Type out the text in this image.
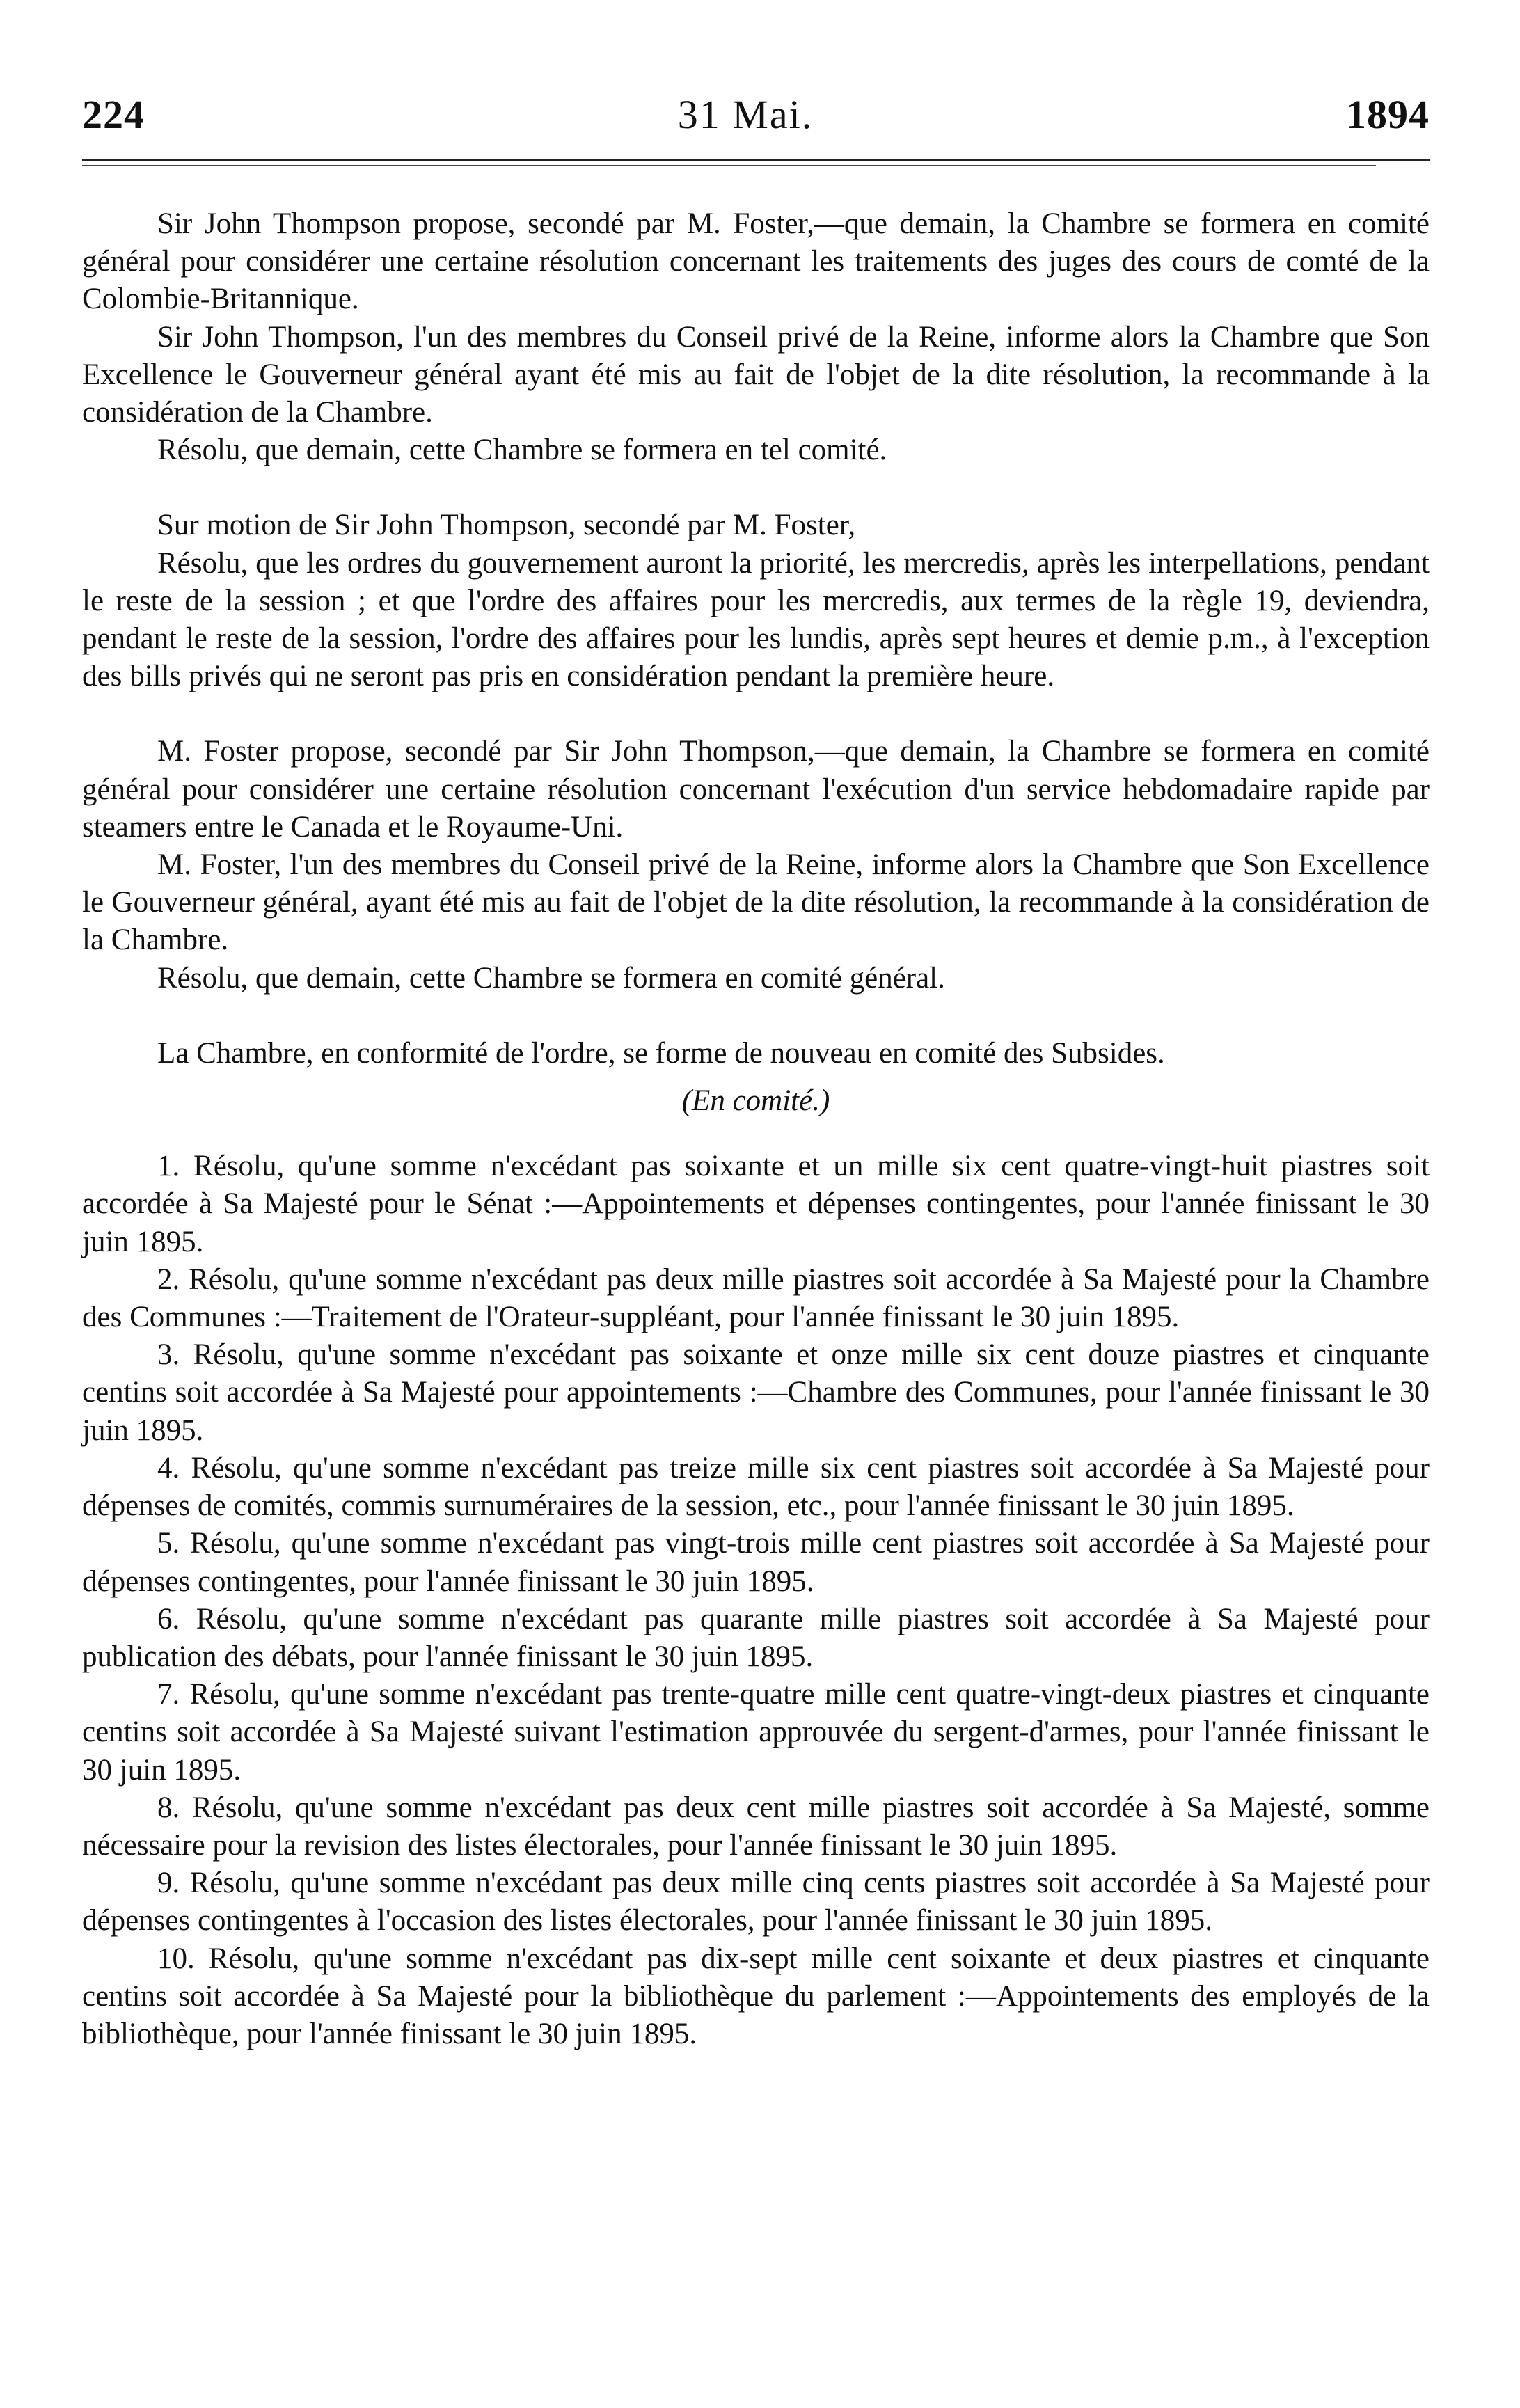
224	31 Mai.	1894

Sir John Thompson propose, secondé par M. Foster,—que demain, la Chambre se formera en comité général pour considérer une certaine résolution concernant les traitements des juges des cours de comté de la Colombie-Britannique.

Sir John Thompson, l'un des membres du Conseil privé de la Reine, informe alors la Chambre que Son Excellence le Gouverneur général ayant été mis au fait de l'objet de la dite résolution, la recommande à la considération de la Chambre.

Résolu, que demain, cette Chambre se formera en tel comité.

Sur motion de Sir John Thompson, secondé par M. Foster,

Résolu, que les ordres du gouvernement auront la priorité, les mercredis, après les interpellations, pendant le reste de la session ; et que l'ordre des affaires pour les mercredis, aux termes de la règle 19, deviendra, pendant le reste de la session, l'ordre des affaires pour les lundis, après sept heures et demie p.m., à l'exception des bills privés qui ne seront pas pris en considération pendant la première heure.

M. Foster propose, secondé par Sir John Thompson,—que demain, la Chambre se formera en comité général pour considérer une certaine résolution concernant l'exécution d'un service hebdomadaire rapide par steamers entre le Canada et le Royaume-Uni.

M. Foster, l'un des membres du Conseil privé de la Reine, informe alors la Chambre que Son Excellence le Gouverneur général, ayant été mis au fait de l'objet de la dite résolution, la recommande à la considération de la Chambre.

Résolu, que demain, cette Chambre se formera en comité général.

La Chambre, en conformité de l'ordre, se forme de nouveau en comité des Subsides.

(En comité.)

1. Résolu, qu'une somme n'excédant pas soixante et un mille six cent quatre-vingt-huit piastres soit accordée à Sa Majesté pour le Sénat :—Appointements et dépenses contingentes, pour l'année finissant le 30 juin 1895.

2. Résolu, qu'une somme n'excédant pas deux mille piastres soit accordée à Sa Majesté pour la Chambre des Communes :—Traitement de l'Orateur-suppléant, pour l'année finissant le 30 juin 1895.

3. Résolu, qu'une somme n'excédant pas soixante et onze mille six cent douze piastres et cinquante centins soit accordée à Sa Majesté pour appointements :—Chambre des Communes, pour l'année finissant le 30 juin 1895.

4. Résolu, qu'une somme n'excédant pas treize mille six cent piastres soit accordée à Sa Majesté pour dépenses de comités, commis surnuméraires de la session, etc., pour l'année finissant le 30 juin 1895.

5. Résolu, qu'une somme n'excédant pas vingt-trois mille cent piastres soit accordée à Sa Majesté pour dépenses contingentes, pour l'année finissant le 30 juin 1895.

6. Résolu, qu'une somme n'excédant pas quarante mille piastres soit accordée à Sa Majesté pour publication des débats, pour l'année finissant le 30 juin 1895.

7. Résolu, qu'une somme n'excédant pas trente-quatre mille cent quatre-vingt-deux piastres et cinquante centins soit accordée à Sa Majesté suivant l'estimation approuvée du sergent-d'armes, pour l'année finissant le 30 juin 1895.

8. Résolu, qu'une somme n'excédant pas deux cent mille piastres soit accordée à Sa Majesté, somme nécessaire pour la revision des listes électorales, pour l'année finissant le 30 juin 1895.

9. Résolu, qu'une somme n'excédant pas deux mille cinq cents piastres soit accordée à Sa Majesté pour dépenses contingentes à l'occasion des listes électorales, pour l'année finissant le 30 juin 1895.

10. Résolu, qu'une somme n'excédant pas dix-sept mille cent soixante et deux piastres et cinquante centins soit accordée à Sa Majesté pour la bibliothèque du parlement :—Appointements des employés de la bibliothèque, pour l'année finissant le 30 juin 1895.
